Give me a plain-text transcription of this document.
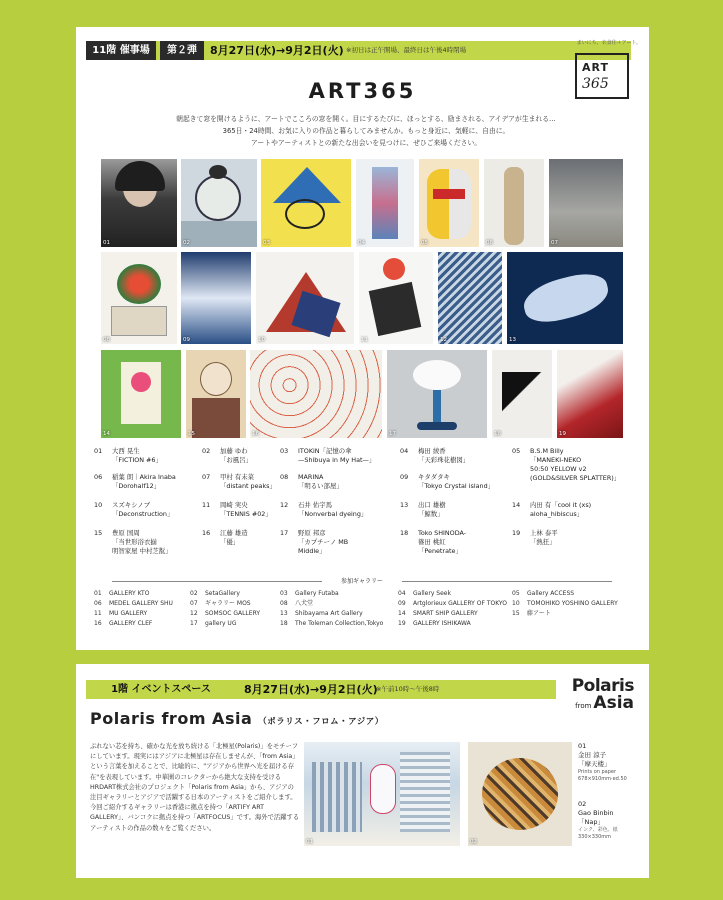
11階 催事場	第２弾	8月27日(水)→9月2日(火) ※初日は正午開場、最終日は午後4時閉場
まいにち、衣食住＋アート。
ART
365
ART365
朝起きて窓を開けるように、アートでこころの窓を開く。目にするたびに、ほっとする、励まされる、アイデアが生まれる…
365日・24時間、お気に入りの作品と暮らしてみませんか。もっと身近に、気軽に、自由に。
アートやアーティストとの新たな出会いを見つけに、ぜひご来場ください。
01	02	03	04	05	06	07
08	09	10	11	12	13
14	15	16	17	18	19
01 大西 晃生
「FICTION #6」
02 加藤 ゆわ
「お風呂」
03 ITOKiN「記憶の傘
—Shibuya in My Hat—」
04 梅田 綾香
「天彩珠花樹図」
05 B.S.M Billy
「MANEKI-NEKO
50:50 YELLOW v2
(GOLD&SILVER SPLATTER)」
06 稲葉 朗｜Akira Inaba
「Dorohalf12」
07 甲村 有未菜
「distant peaks」
08 MARINA
「明るい部屋」
09 キタダタキ
「Tokyo Crystal island」
10 スズキシノブ
「Deconstruction」
11 岡崎 実央
「TENNIS #02」
12 石井 佑宇馬
「Nonverbal dyeing」
13 出口 雄樹
「鯨数」
14 内田 有「cool it (xs)
aloha_hibiscus」
15 豊原 国周
「当世形浴衣揃
明智家屋 中村芝翫」
16 江藤 雄造
「優」
17 野原 邦彦
「カプチーノ MB
Middle」
18 Toko SHINODA-
篠田 桃紅
「Penetrate」
19 上林 泰平
「熱狂」
参加ギャラリー
01 GALLERY KTO
06 MEDEL GALLERY SHU
11 MU GALLERY
16 GALLERY CLEF
02 SetaGallery
07 ギャラリー MOS
12 SOMSOC GALLERY
17 gallery UG
03 Gallery Futaba
08 八犬堂
13 Shibayama Art Gallery
18 The Toleman Collection,Tokyo
04 Gallery Seek
09 Artglorieux GALLERY OF TOKYO
14 SMART SHIP GALLERY
19 GALLERY ISHIKAWA
05 Gallery ACCESS
10 TOMOHIKO YOSHINO GALLERY
15 藤アート
1階 イベントスペース	8月27日(水)→9月2日(火)
※午前10時〜午後8時	Polaris
from Asia
Polaris from Asia （ポラリス・フロム・アジア）
ぶれない芯を持ち、確かな光を放ち続ける「北極星(Polaris)」をモチーフにしています。現実にはアジアに北極星は存在しませんが、「from Asia」という言葉を加えることで、比喩的に、"アジアから世界へ光を届ける存在"を表現しています。中華圏のコレクターから絶大な支持を受けるHRDART株式会社のプロジェクト「Polaris from Asia」から、アジアの注目ギャラリーとアジアで活躍する日本のアーティストをご紹介します。今回ご紹介するギャラリーは香港に拠点を持つ「ARTIFY ART GALLERY」、バンコクに拠点を持つ「ARTFOCUS」です。海外で活躍するアーティストの作品の数々をご覧ください。
01	02
01
金田 涼子
「摩天楼」
Prints on paper
678×910mm·ed.50
02
Gao Binbin
「Nap」
インク、彩色、紙
330×330mm
